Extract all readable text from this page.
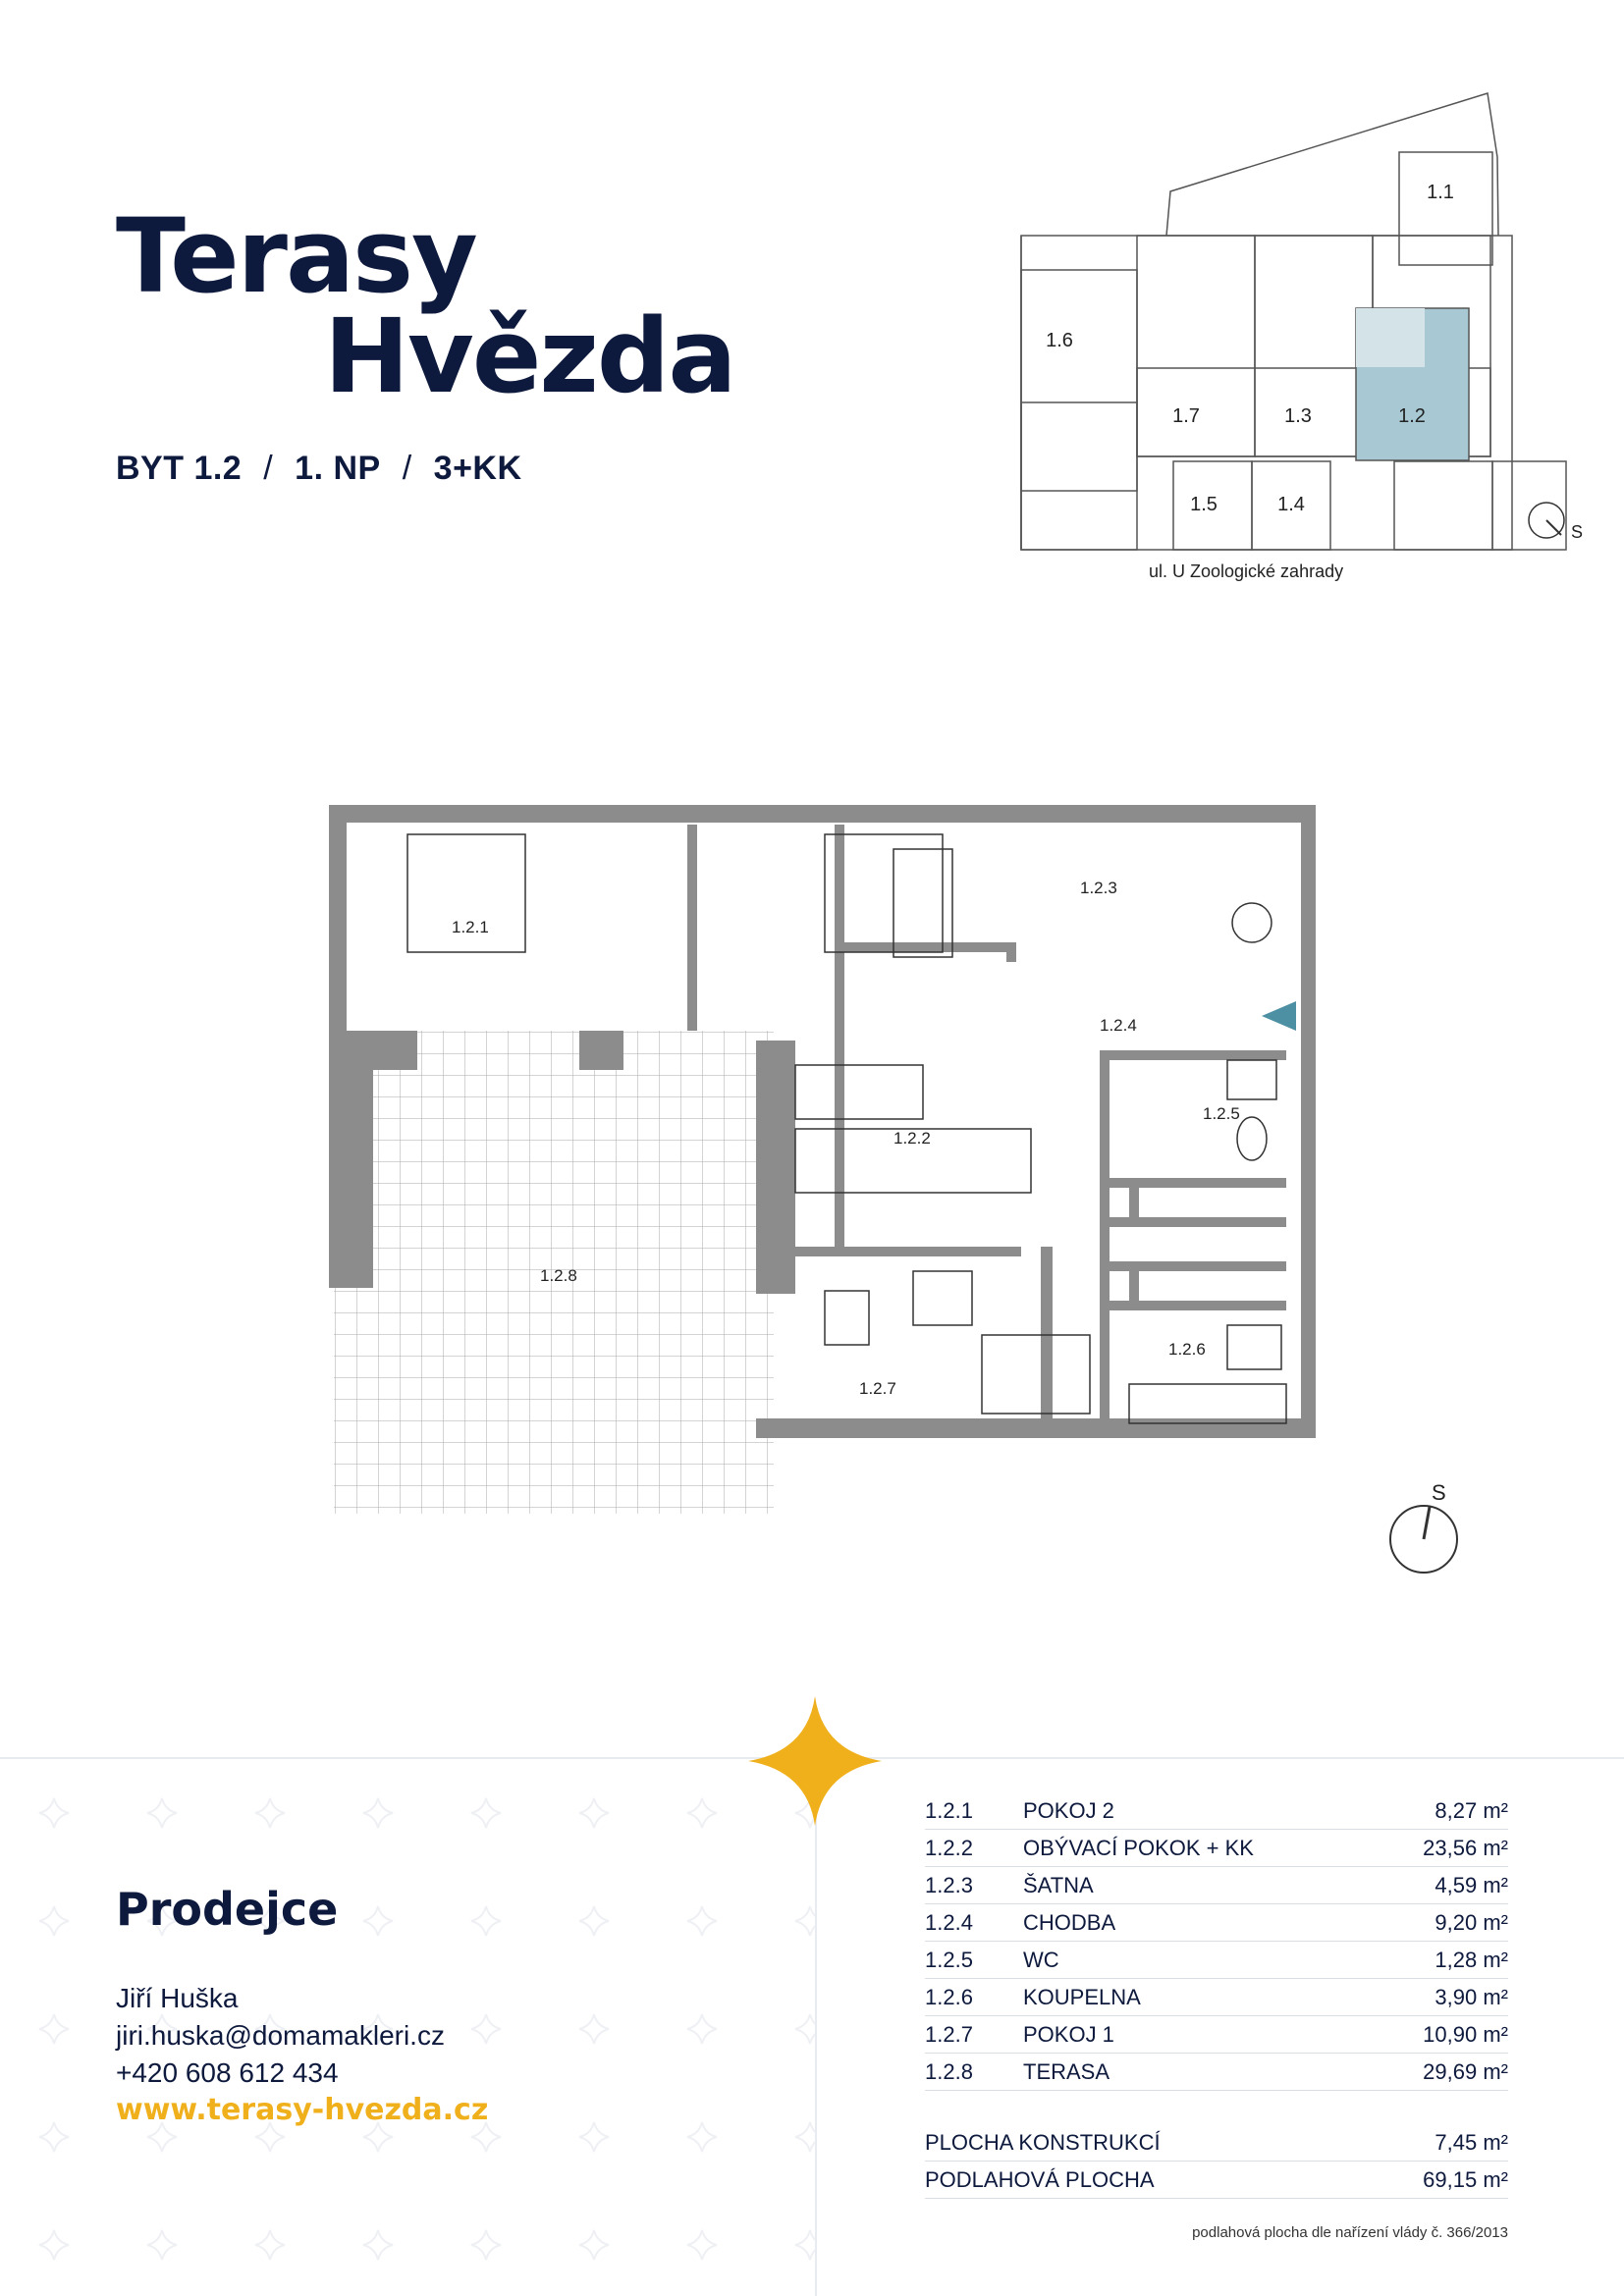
Terasy
Hvězda
BYT 1.2 / 1. NP / 3+KK
1.1
1.6
1.7	1.3	1.2
1.5	1.4
S
ul. U Zoologické zahrady
1.2.1
1.2.2
1.2.3
1.2.4
1.2.5
1.2.6
1.2.7
1.2.8
S
Prodejce
Jiří Huška
jiri.huska@domamakleri.cz
+420 608 612 434
www.terasy-hvezda.cz
1.2.1	POKOJ 2	8,27 m²
1.2.2	OBÝVACÍ POKOK + KK	23,56 m²
1.2.3	ŠATNA	4,59 m²
1.2.4	CHODBA	9,20 m²
1.2.5	WC	1,28 m²
1.2.6	KOUPELNA	3,90 m²
1.2.7	POKOJ 1	10,90 m²
1.2.8	TERASA	29,69 m²
PLOCHA KONSTRUKCÍ	7,45 m²
PODLAHOVÁ PLOCHA	69,15 m²
podlahová plocha dle nařízení vlády č. 366/2013
